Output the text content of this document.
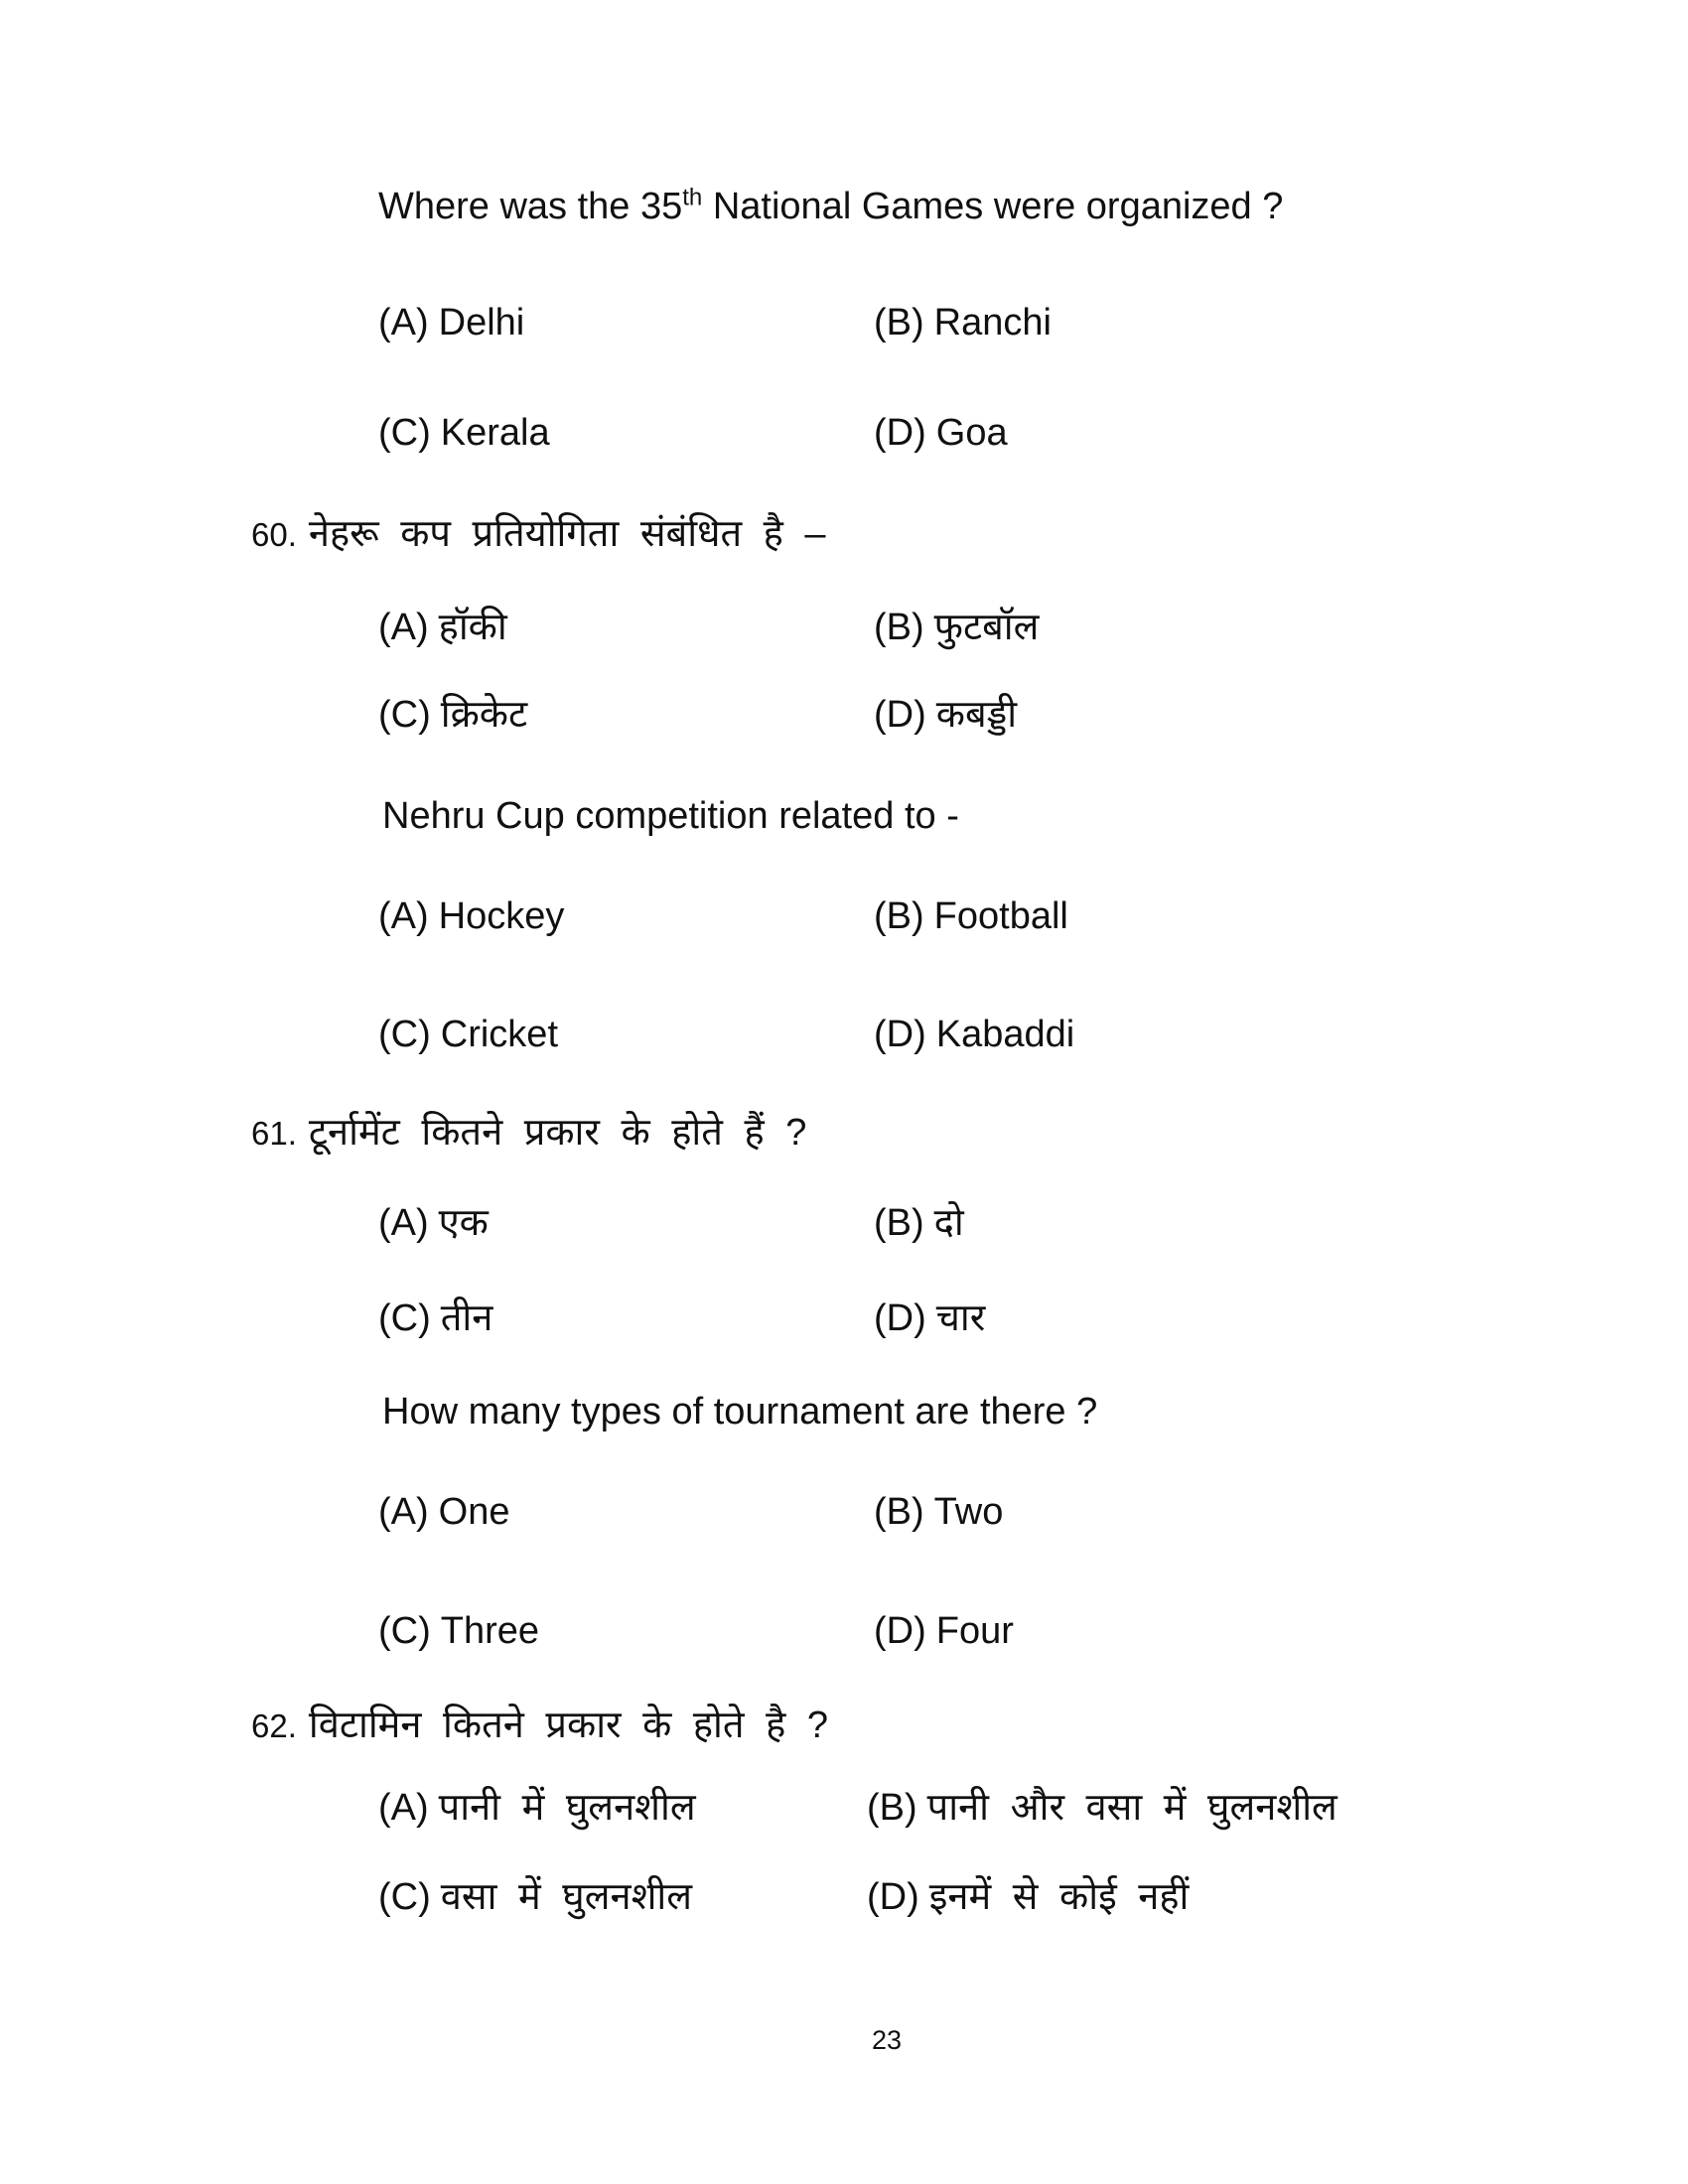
Where was the 35th National Games were organized ?

(A) Delhi	(B) Ranchi

(C) Kerala	(D) Goa

60. नेहरू कप प्रतियोगिता संबंधित है –

(A) हॉकी	(B) फुटबॉल

(C) क्रिकेट	(D) कबड्डी

Nehru Cup competition related to -

(A) Hockey	(B) Football

(C) Cricket	(D) Kabaddi

61. टूर्नामेंट कितने प्रकार के होते हैं ?

(A) एक	(B) दो

(C) तीन	(D) चार

How many types of tournament are there ?

(A) One	(B) Two

(C) Three	(D) Four

62. विटामिन कितने प्रकार के होते है ?

(A) पानी में घुलनशील	(B) पानी और वसा में घुलनशील

(C) वसा में घुलनशील	(D) इनमें से कोई नहीं

23
